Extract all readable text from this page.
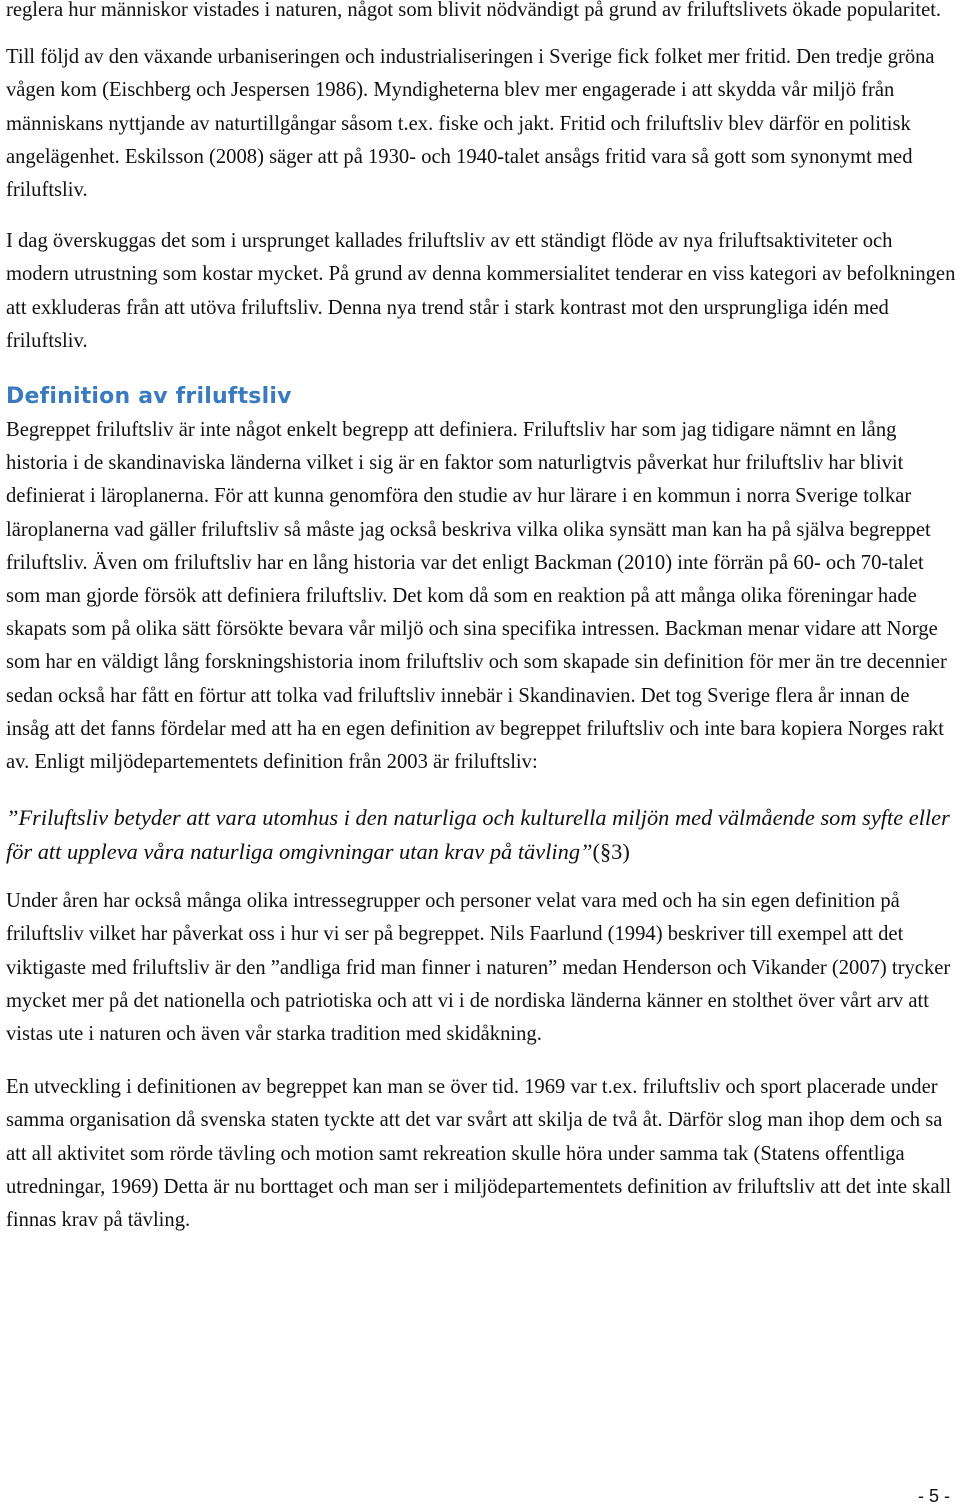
reglera hur människor vistades i naturen, något som blivit nödvändigt på grund av friluftslivets ökade popularitet.

Till följd av den växande urbaniseringen och industrialiseringen i Sverige fick folket mer fritid. Den tredje gröna vågen kom (Eischberg och Jespersen 1986). Myndigheterna blev mer engagerade i att skydda vår miljö från människans nyttjande av naturtillgångar såsom t.ex. fiske och jakt. Fritid och friluftsliv blev därför en politisk angelägenhet. Eskilsson (2008) säger att på 1930- och 1940-talet ansågs fritid vara så gott som synonymt med friluftsliv.

I dag överskuggas det som i ursprunget kallades friluftsliv av ett ständigt flöde av nya friluftsaktiviteter och modern utrustning som kostar mycket. På grund av denna kommersialitet tenderar en viss kategori av befolkningen att exkluderas från att utöva friluftsliv. Denna nya trend står i stark kontrast mot den ursprungliga idén med friluftsliv.

Definition av friluftsliv

Begreppet friluftsliv är inte något enkelt begrepp att definiera. Friluftsliv har som jag tidigare nämnt en lång historia i de skandinaviska länderna vilket i sig är en faktor som naturligtvis påverkat hur friluftsliv har blivit definierat i läroplanerna. För att kunna genomföra den studie av hur lärare i en kommun i norra Sverige tolkar läroplanerna vad gäller friluftsliv så måste jag också beskriva vilka olika synsätt man kan ha på själva begreppet friluftsliv. Även om friluftsliv har en lång historia var det enligt Backman (2010) inte förrän på 60- och 70-talet som man gjorde försök att definiera friluftsliv. Det kom då som en reaktion på att många olika föreningar hade skapats som på olika sätt försökte bevara vår miljö och sina specifika intressen. Backman menar vidare att Norge som har en väldigt lång forskningshistoria inom friluftsliv och som skapade sin definition för mer än tre decennier sedan också har fått en förtur att tolka vad friluftsliv innebär i Skandinavien. Det tog Sverige flera år innan de insåg att det fanns fördelar med att ha en egen definition av begreppet friluftsliv och inte bara kopiera Norges rakt av. Enligt miljödepartementets definition från 2003 är friluftsliv:

”Friluftsliv betyder att vara utomhus i den naturliga och kulturella miljön med välmående som syfte eller för att uppleva våra naturliga omgivningar utan krav på tävling”(§3)

Under åren har också många olika intressegrupper och personer velat vara med och ha sin egen definition på friluftsliv vilket har påverkat oss i hur vi ser på begreppet. Nils Faarlund (1994) beskriver till exempel att det viktigaste med friluftsliv är den ”andliga frid man finner i naturen” medan Henderson och Vikander (2007) trycker mycket mer på det nationella och patriotiska och att vi i de nordiska länderna känner en stolthet över vårt arv att vistas ute i naturen och även vår starka tradition med skidåkning.

En utveckling i definitionen av begreppet kan man se över tid. 1969 var t.ex. friluftsliv och sport placerade under samma organisation då svenska staten tyckte att det var svårt att skilja de två åt. Därför slog man ihop dem och sa att all aktivitet som rörde tävling och motion samt rekreation skulle höra under samma tak (Statens offentliga utredningar, 1969) Detta är nu borttaget och man ser i miljödepartementets definition av friluftsliv att det inte skall finnas krav på tävling.

- 5 -
